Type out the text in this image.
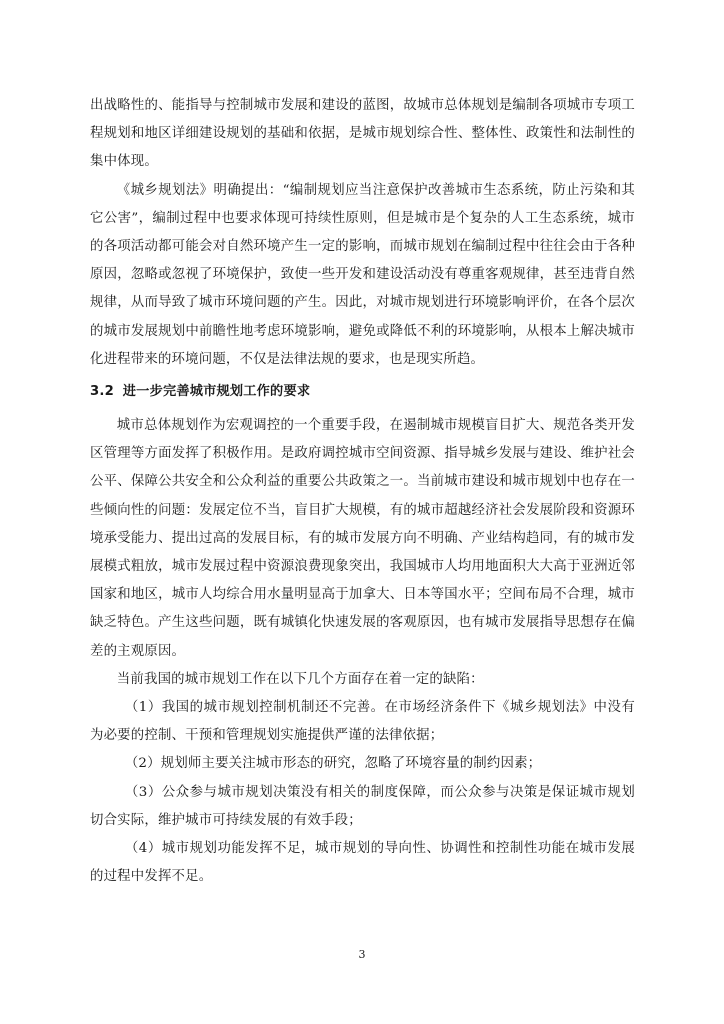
出战略性的、能指导与控制城市发展和建设的蓝图，故城市总体规划是编制各项城市专项工程规划和地区详细建设规划的基础和依据，是城市规划综合性、整体性、政策性和法制性的集中体现。

《城乡规划法》明确提出：“编制规划应当注意保护改善城市生态系统，防止污染和其它公害”，编制过程中也要求体现可持续性原则，但是城市是个复杂的人工生态系统，城市的各项活动都可能会对自然环境产生一定的影响，而城市规划在编制过程中往往会由于各种原因，忽略或忽视了环境保护，致使一些开发和建设活动没有尊重客观规律，甚至违背自然规律，从而导致了城市环境问题的产生。因此，对城市规划进行环境影响评价，在各个层次的城市发展规划中前瞻性地考虑环境影响，避免或降低不利的环境影响，从根本上解决城市化进程带来的环境问题，不仅是法律法规的要求，也是现实所趋。

3.2 进一步完善城市规划工作的要求

城市总体规划作为宏观调控的一个重要手段，在遏制城市规模盲目扩大、规范各类开发区管理等方面发挥了积极作用。是政府调控城市空间资源、指导城乡发展与建设、维护社会公平、保障公共安全和公众利益的重要公共政策之一。当前城市建设和城市规划中也存在一些倾向性的问题：发展定位不当，盲目扩大规模，有的城市超越经济社会发展阶段和资源环境承受能力、提出过高的发展目标，有的城市发展方向不明确、产业结构趋同，有的城市发展模式粗放，城市发展过程中资源浪费现象突出，我国城市人均用地面积大大高于亚洲近邻国家和地区，城市人均综合用水量明显高于加拿大、日本等国水平；空间布局不合理，城市缺乏特色。产生这些问题，既有城镇化快速发展的客观原因，也有城市发展指导思想存在偏差的主观原因。

当前我国的城市规划工作在以下几个方面存在着一定的缺陷：

（1）我国的城市规划控制机制还不完善。在市场经济条件下《城乡规划法》中没有为必要的控制、干预和管理规划实施提供严谨的法律依据；

（2）规划师主要关注城市形态的研究，忽略了环境容量的制约因素；

（3）公众参与城市规划决策没有相关的制度保障，而公众参与决策是保证城市规划切合实际，维护城市可持续发展的有效手段；

（4）城市规划功能发挥不足，城市规划的导向性、协调性和控制性功能在城市发展的过程中发挥不足。

3
